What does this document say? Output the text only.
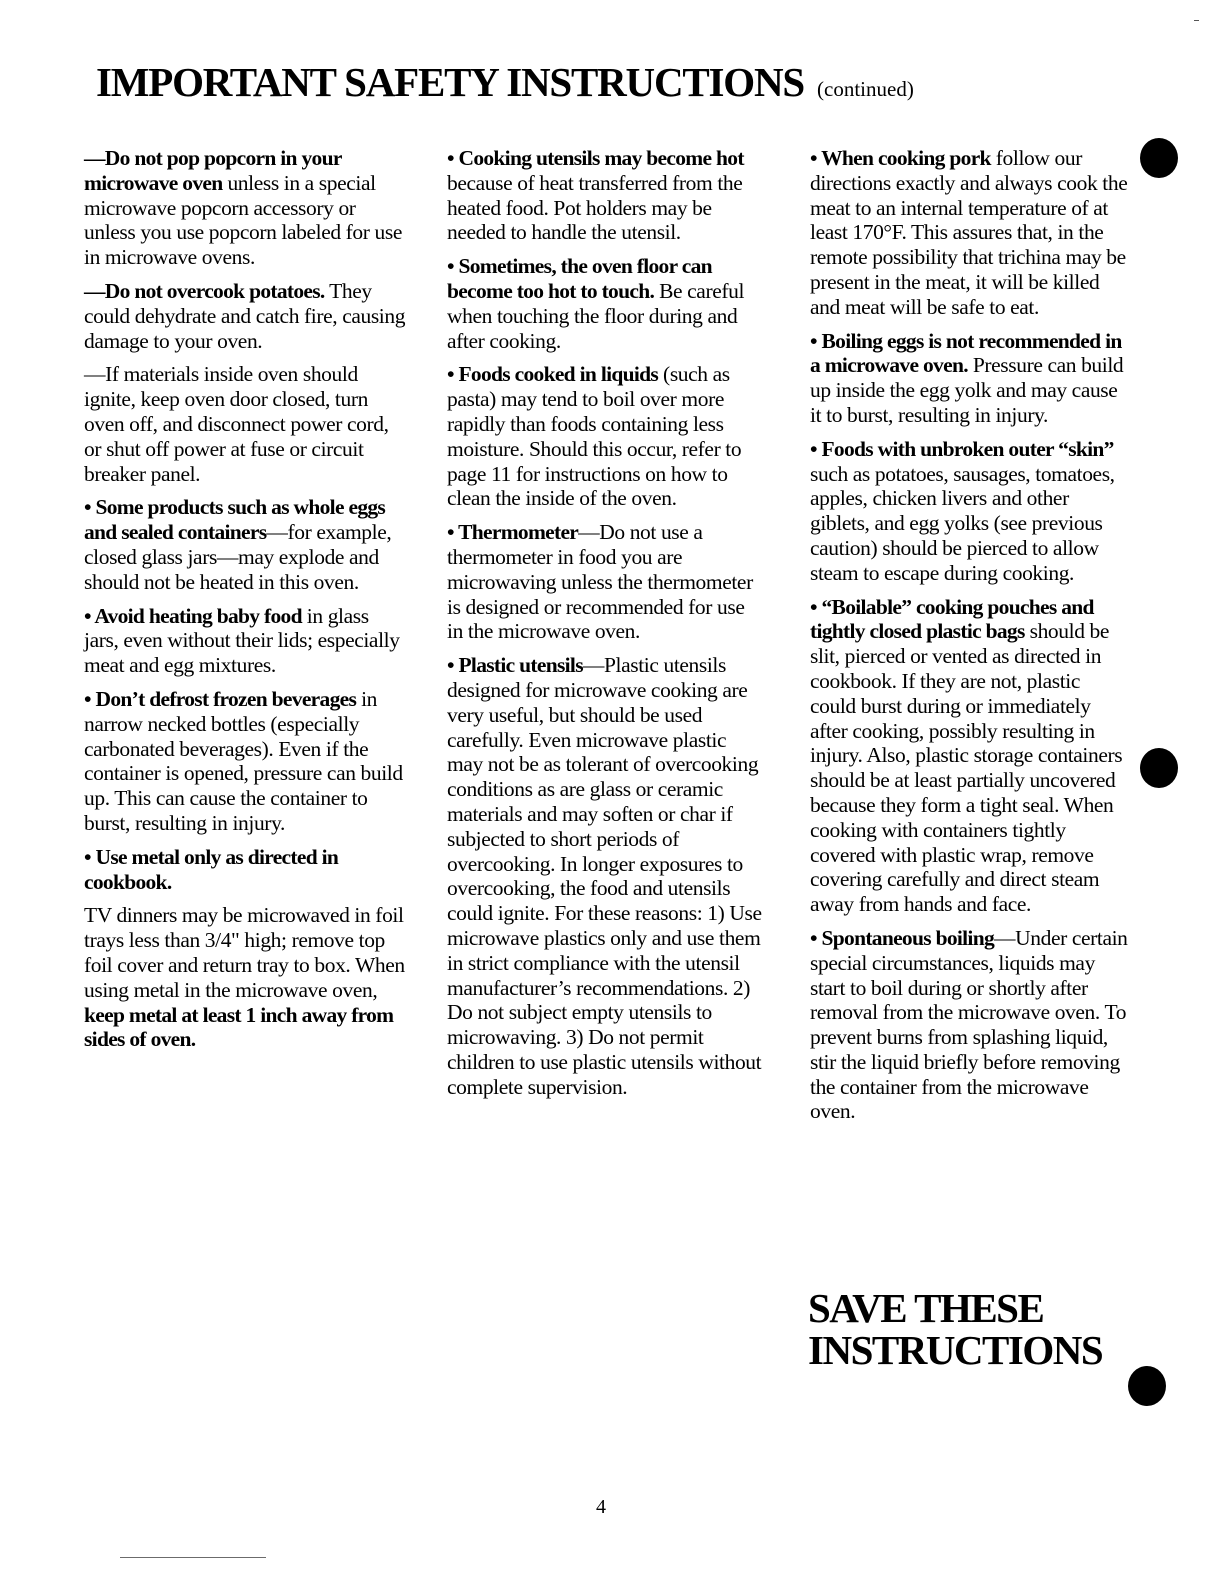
IMPORTANT SAFETY INSTRUCTIONS (continued)

—Do not pop popcorn in your microwave oven unless in a special microwave popcorn accessory or unless you use popcorn labeled for use in microwave ovens.

—Do not overcook potatoes. They could dehydrate and catch fire, causing damage to your oven.

—If materials inside oven should ignite, keep oven door closed, turn oven off, and disconnect power cord, or shut off power at fuse or circuit breaker panel.

• Some products such as whole eggs and sealed containers—for example, closed glass jars—may explode and should not be heated in this oven.

• Avoid heating baby food in glass jars, even without their lids; especially meat and egg mixtures.

• Don’t defrost frozen beverages in narrow necked bottles (especially carbonated beverages). Even if the container is opened, pressure can build up. This can cause the container to burst, resulting in injury.

• Use metal only as directed in cookbook.

TV dinners may be microwaved in foil trays less than 3/4" high; remove top foil cover and return tray to box. When using metal in the microwave oven, keep metal at least 1 inch away from sides of oven.

• Cooking utensils may become hot because of heat transferred from the heated food. Pot holders may be needed to handle the utensil.

• Sometimes, the oven floor can become too hot to touch. Be careful when touching the floor during and after cooking.

• Foods cooked in liquids (such as pasta) may tend to boil over more rapidly than foods containing less moisture. Should this occur, refer to page 11 for instructions on how to clean the inside of the oven.

• Thermometer—Do not use a thermometer in food you are microwaving unless the thermometer is designed or recommended for use in the microwave oven.

• Plastic utensils—Plastic utensils designed for microwave cooking are very useful, but should be used carefully. Even microwave plastic may not be as tolerant of overcooking conditions as are glass or ceramic materials and may soften or char if subjected to short periods of overcooking. In longer exposures to overcooking, the food and utensils could ignite. For these reasons: 1) Use microwave plastics only and use them in strict compliance with the utensil manufacturer’s recommendations. 2) Do not subject empty utensils to microwaving. 3) Do not permit children to use plastic utensils without complete supervision.

• When cooking pork follow our directions exactly and always cook the meat to an internal temperature of at least 170°F. This assures that, in the remote possibility that trichina may be present in the meat, it will be killed and meat will be safe to eat.

• Boiling eggs is not recommended in a microwave oven. Pressure can build up inside the egg yolk and may cause it to burst, resulting in injury.

• Foods with unbroken outer “skin” such as potatoes, sausages, tomatoes, apples, chicken livers and other giblets, and egg yolks (see previous caution) should be pierced to allow steam to escape during cooking.

• “Boilable” cooking pouches and tightly closed plastic bags should be slit, pierced or vented as directed in cookbook. If they are not, plastic could burst during or immediately after cooking, possibly resulting in injury. Also, plastic storage containers should be at least partially uncovered because they form a tight seal. When cooking with containers tightly covered with plastic wrap, remove covering carefully and direct steam away from hands and face.

• Spontaneous boiling—Under certain special circumstances, liquids may start to boil during or shortly after removal from the microwave oven. To prevent burns from splashing liquid, stir the liquid briefly before removing the container from the microwave oven.

SAVE THESE
INSTRUCTIONS
4
